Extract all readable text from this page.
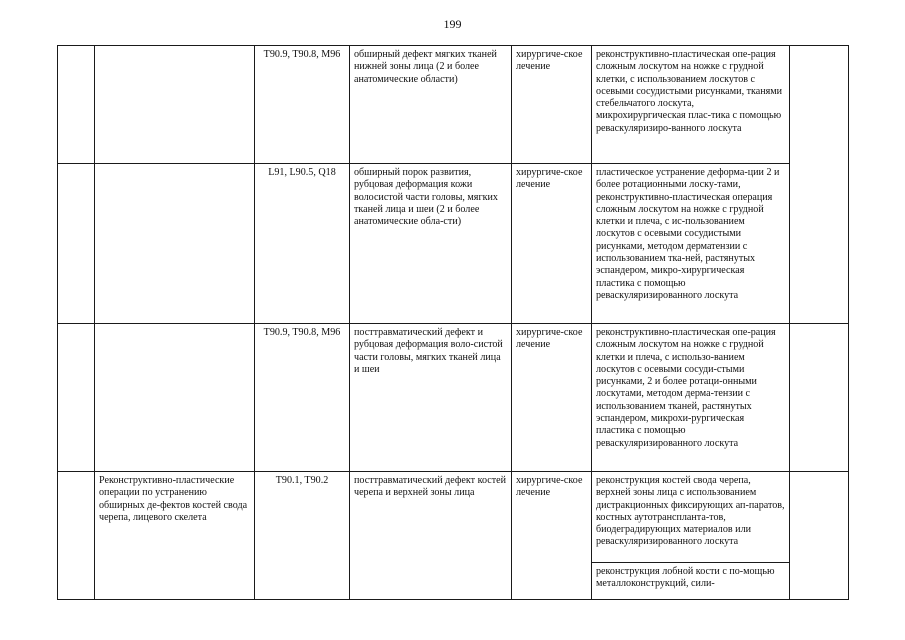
199
		T90.9, T90.8, M96	обширный дефект мягких тканей нижней зоны лица (2 и более анатомические области)	хирургиче-ское лечение	реконструктивно-пластическая опе-рация сложным лоскутом на ножке с грудной клетки, с использованием лоскутов с осевыми сосудистыми рисунками, тканями стебельчатого лоскута, микрохирургическая плас-тика с помощью реваскуляризиро-ванного лоскута	
		L91, L90.5, Q18	обширный порок развития, рубцовая деформация кожи волосистой части головы, мягких тканей лица и шеи (2 и более анатомические обла-сти)	хирургиче-ское лечение	пластическое устранение деформа-ции 2 и более ротационными лоску-тами, реконструктивно-пластическая операция сложным лоскутом на ножке с грудной клетки и плеча, с ис-пользованием лоскутов с осевыми сосудистыми рисунками, методом дерматензии с использованием тка-ней, растянутых эспандером, микро-хирургическая пластика с помощью реваскуляризированного лоскута	
		T90.9, T90.8, M96	посттравматический дефект и рубцовая деформация воло-систой части головы, мягких тканей лица и шеи	хирургиче-ское лечение	реконструктивно-пластическая опе-рация сложным лоскутом на ножке с грудной клетки и плеча, с использо-ванием лоскутов с осевыми сосуди-стыми рисунками, 2 и более ротаци-онными лоскутами, методом дерма-тензии с использованием тканей, растянутых эспандером, микрохи-рургическая пластика с помощью реваскуляризированного лоскута	
	Реконструктивно-пластические операции по устранению обширных де-фектов костей свода черепа, лицевого скелета	T90.1, T90.2	посттравматический дефект костей черепа и верхней зоны лица	хирургиче-ское лечение	реконструкция костей свода черепа, верхней зоны лица с использованием дистракционных фиксирующих ап-паратов, костных аутотранспланта-тов, биодеградирующих материалов или реваскуляризированного лоскута	
					реконструкция лобной кости с по-мощью металлоконструкций, сили-	
